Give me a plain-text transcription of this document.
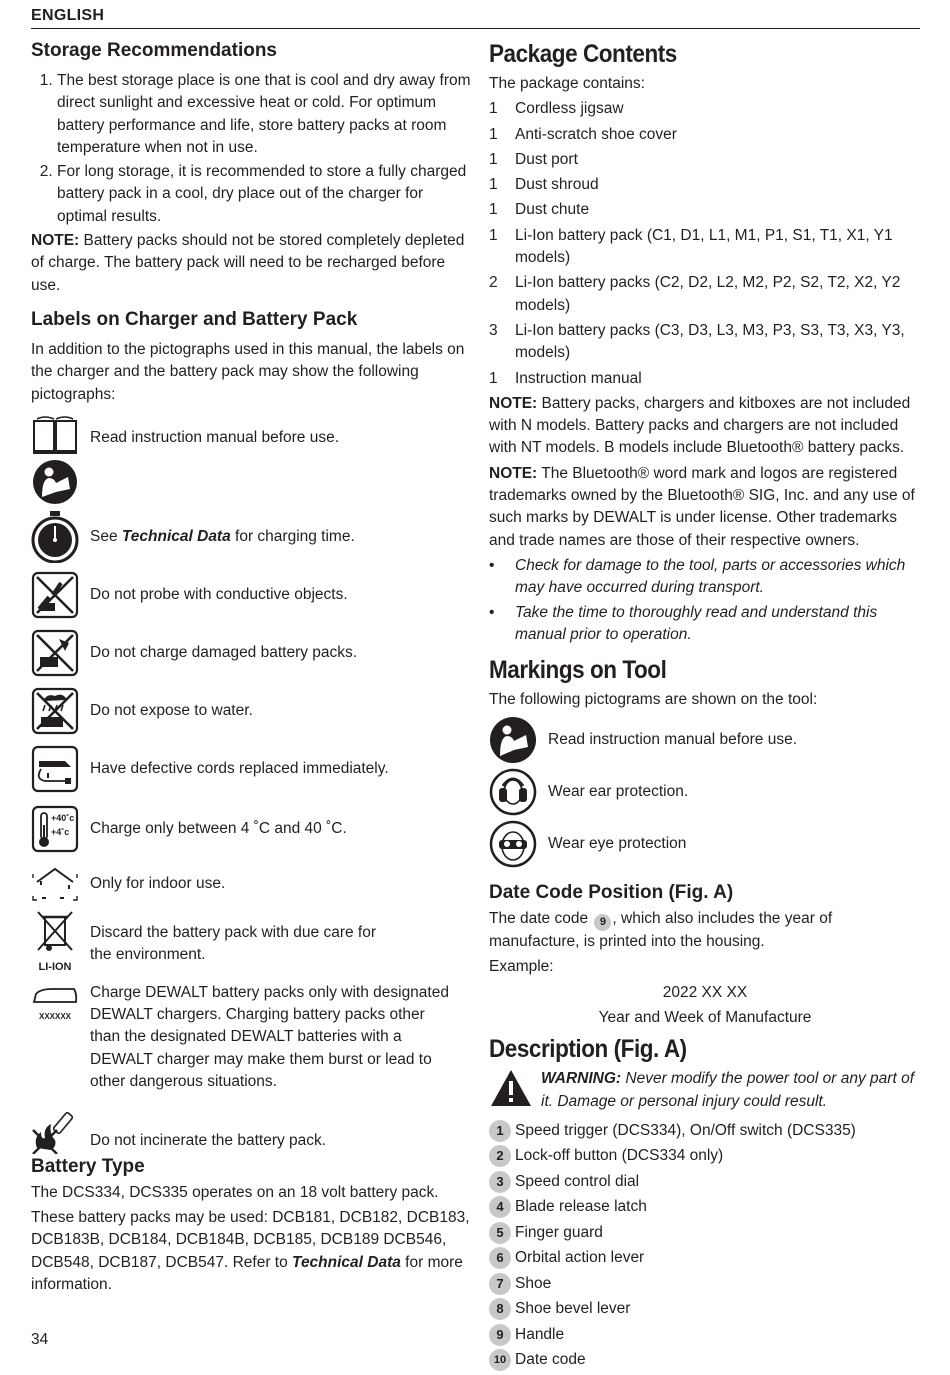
ENGLISH
Storage Recommendations
1. The best storage place is one that is cool and dry away from direct sunlight and excessive heat or cold. For optimum battery performance and life, store battery packs at room temperature when not in use.
2. For long storage, it is recommended to store a fully charged battery pack in a cool, dry place out of the charger for optimal results.

NOTE: Battery packs should not be stored completely depleted of charge. The battery pack will need to be recharged before use.

Labels on Charger and Battery Pack

In addition to the pictographs used in this manual, the labels on the charger and the battery pack may show the following pictographs:

Read instruction manual before use.
See Technical Data for charging time.
Do not probe with conductive objects.
Do not charge damaged battery packs.
Do not expose to water.
Have defective cords replaced immediately.
+40˚c
+4˚c Charge only between 4 ˚C and 40 ˚C.
Only for indoor use.
LI-ION
Discard the battery pack with due care for the environment.
XXXXXX
Charge DEWALT battery packs only with designated DEWALT chargers. Charging battery packs other than the designated DEWALT batteries with a DEWALT charger may make them burst or lead to other dangerous situations.
Do not incinerate the battery pack.
Battery Type

The DCS334, DCS335 operates on an 18 volt battery pack.

These battery packs may be used: DCB181, DCB182, DCB183, DCB183B, DCB184, DCB184B, DCB185, DCB189 DCB546, DCB548, DCB187, DCB547. Refer to Technical Data for more information.

Package Contents

The package contains:

1	Cordless jigsaw
1	Anti-scratch shoe cover
1	Dust port
1	Dust shroud
1	Dust chute
1	Li-Ion battery pack (C1, D1, L1, M1, P1, S1, T1, X1, Y1 models)
2	Li-Ion battery packs (C2, D2, L2, M2, P2, S2, T2, X2, Y2 models)
3	Li-Ion battery packs (C3, D3, L3, M3, P3, S3, T3, X3, Y3, models)
1	Instruction manual

NOTE: Battery packs, chargers and kitboxes are not included with N models. Battery packs and chargers are not included with NT models. B models include Bluetooth® battery packs.

NOTE: The Bluetooth® word mark and logos are registered trademarks owned by the Bluetooth® SIG, Inc. and any use of such marks by DEWALT is under license. Other trademarks and trade names are those of their respective owners.

•	Check for damage to the tool, parts or accessories which may have occurred during transport.
•	Take the time to thoroughly read and understand this manual prior to operation.
Markings on Tool

The following pictograms are shown on the tool:

Read instruction manual before use.
Wear ear protection.
Wear eye protection
Date Code Position (Fig. A)

The date code 9 , which also includes the year of manufacture, is printed into the housing.

Example:

2022 XX XX
Year and Week of Manufacture
Description (Fig. A)

WARNING: Never modify the power tool or any part of it. Damage or personal injury could result.

1 Speed trigger (DCS334), On/Off switch (DCS335)
2 Lock-off button (DCS334 only)
3 Speed control dial
4 Blade release latch
5 Finger guard
6 Orbital action lever
7 Shoe
8 Shoe bevel lever
9 Handle
10 Date code
34
